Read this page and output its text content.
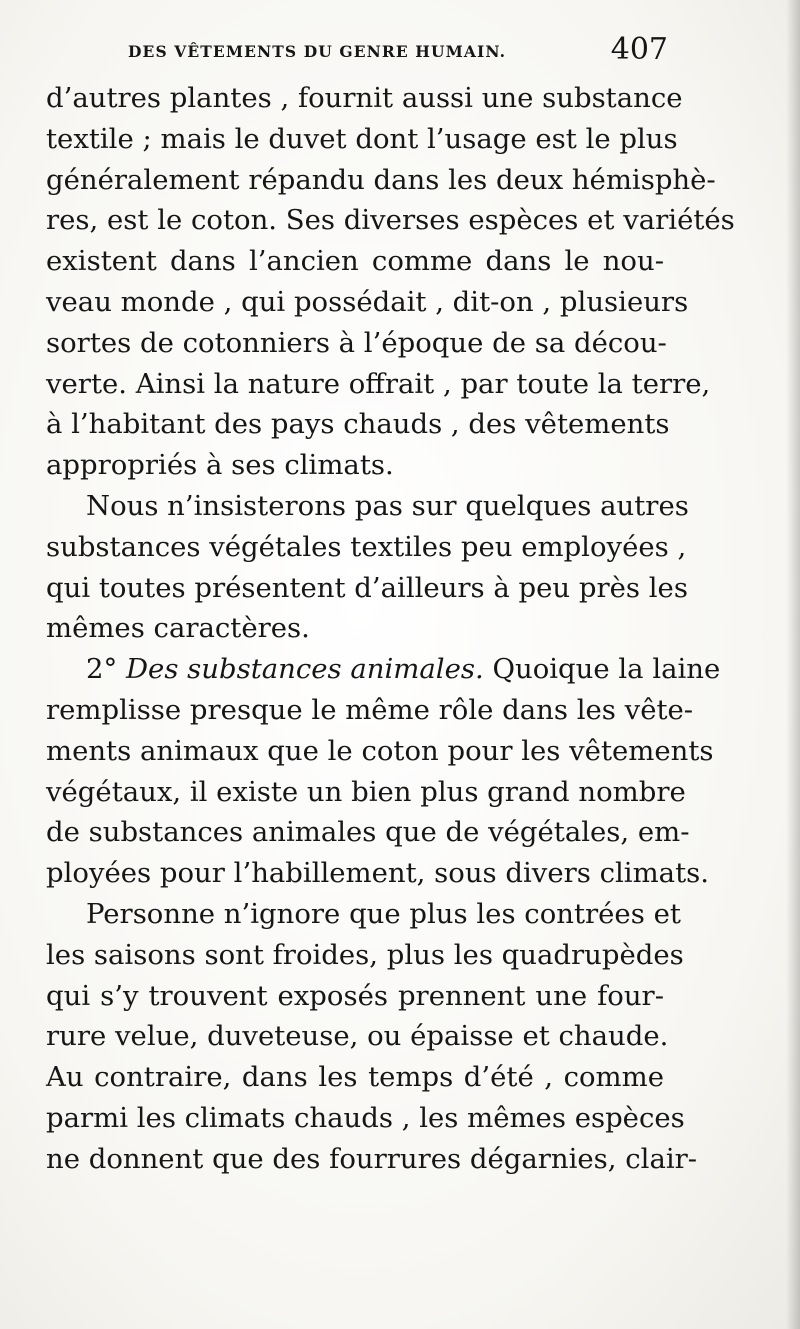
DES VÊTEMENTS DU GENRE HUMAIN.	407
d’autres plantes , fournit aussi une substance
textile ; mais le duvet dont l’usage est le plus
généralement répandu dans les deux hémisphè-
res, est le coton. Ses diverses espèces et variétés
existent dans l’ancien comme dans le nou-
veau monde , qui possédait , dit-on , plusieurs
sortes de cotonniers à l’époque de sa décou-
verte. Ainsi la nature offrait , par toute la terre,
à l’habitant des pays chauds , des vêtements
appropriés à ses climats.
Nous n’insisterons pas sur quelques autres
substances végétales textiles peu employées ,
qui toutes présentent d’ailleurs à peu près les
mêmes caractères.
2° Des substances animales. Quoique la laine
remplisse presque le même rôle dans les vête-
ments animaux que le coton pour les vêtements
végétaux, il existe un bien plus grand nombre
de substances animales que de végétales, em-
ployées pour l’habillement, sous divers climats.
Personne n’ignore que plus les contrées et
les saisons sont froides, plus les quadrupèdes
qui s’y trouvent exposés prennent une four-
rure velue, duveteuse, ou épaisse et chaude.
Au contraire, dans les temps d’été , comme
parmi les climats chauds , les mêmes espèces
ne donnent que des fourrures dégarnies, clair-
